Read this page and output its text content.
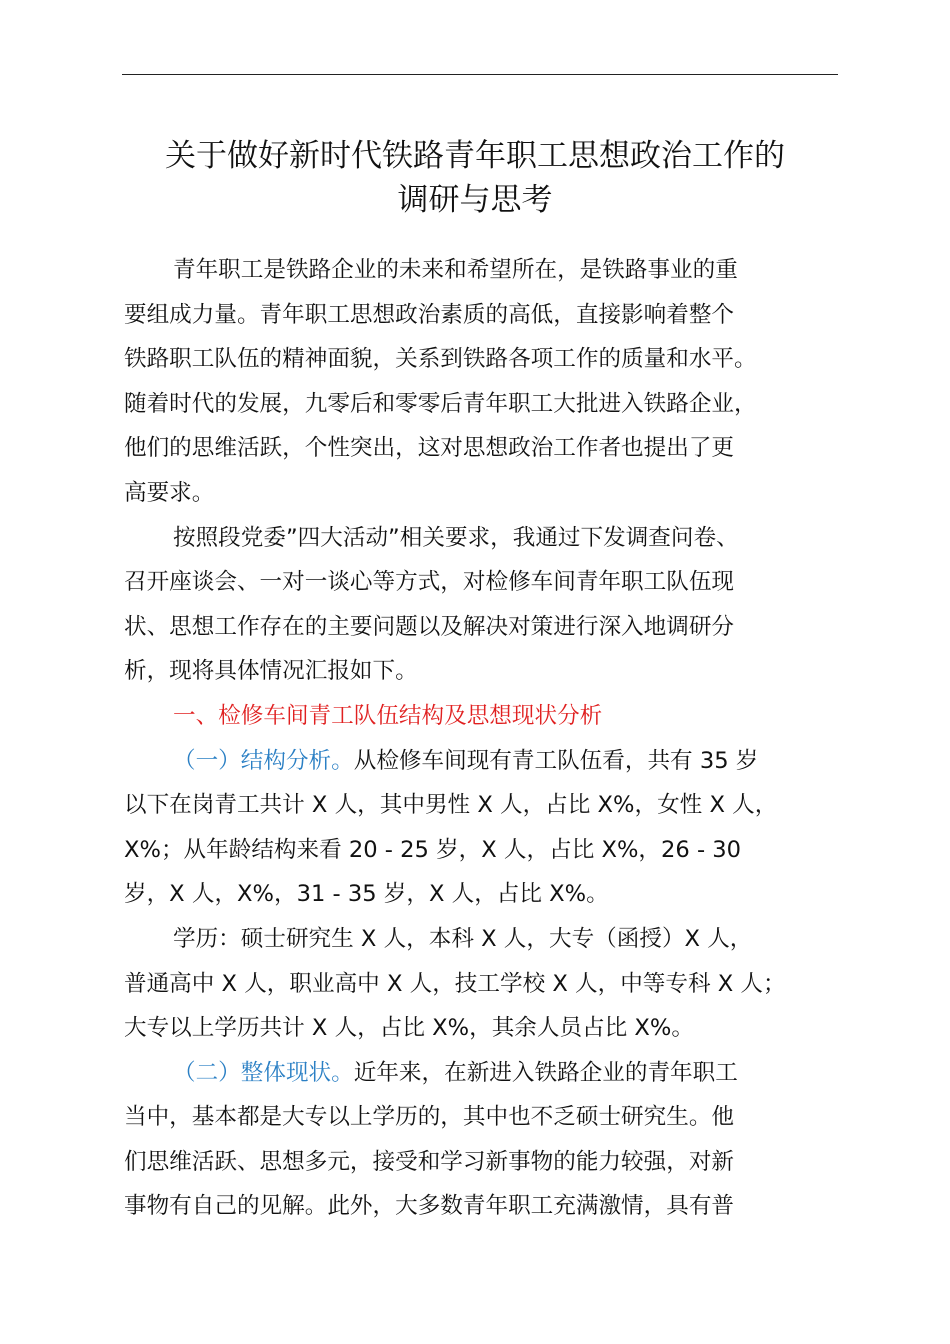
关于做好新时代铁路青年职工思想政治工作的
调研与思考
青年职工是铁路企业的未来和希望所在，是铁路事业的重
要组成力量。青年职工思想政治素质的高低，直接影响着整个
铁路职工队伍的精神面貌，关系到铁路各项工作的质量和水平。
随着时代的发展，九零后和零零后青年职工大批进入铁路企业，
他们的思维活跃，个性突出，这对思想政治工作者也提出了更
高要求。
按照段党委”四大活动”相关要求，我通过下发调查问卷、
召开座谈会、一对一谈心等方式，对检修车间青年职工队伍现
状、思想工作存在的主要问题以及解决对策进行深入地调研分
析，现将具体情况汇报如下。
一、检修车间青工队伍结构及思想现状分析
（一）结构分析。从检修车间现有青工队伍看，共有 35 岁
以下在岗青工共计 X 人，其中男性 X 人，占比 X%，女性 X 人，
X%；从年龄结构来看 20 - 25 岁，X 人，占比 X%，26 - 30
岁，X 人，X%，31 - 35 岁，X 人，占比 X%。
学历：硕士研究生 X 人，本科 X 人，大专（函授）X 人，
普通高中 X 人，职业高中 X 人，技工学校 X 人，中等专科 X 人；
大专以上学历共计 X 人，占比 X%，其余人员占比 X%。
（二）整体现状。近年来，在新进入铁路企业的青年职工
当中，基本都是大专以上学历的，其中也不乏硕士研究生。他
们思维活跃、思想多元，接受和学习新事物的能力较强，对新
事物有自己的见解。此外，大多数青年职工充满激情，具有普
